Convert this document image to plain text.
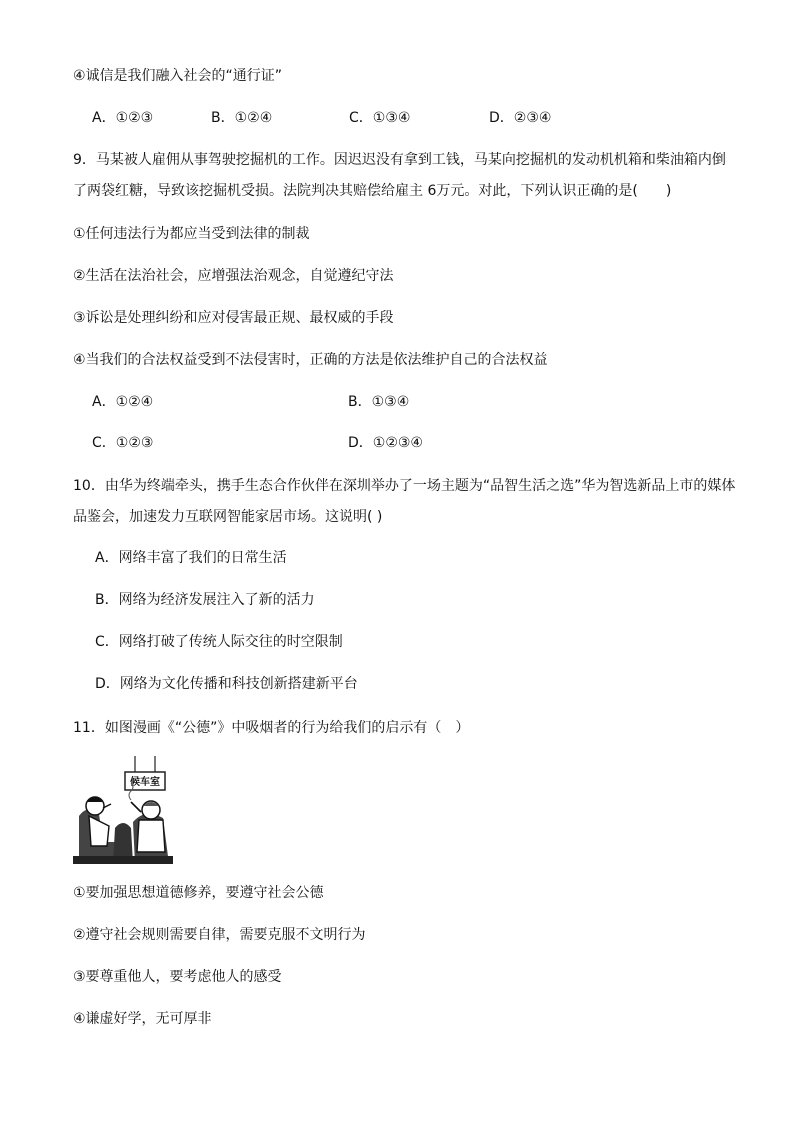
④诚信是我们融入社会的“通行证”
A．①②③	B．①②④	C．①③④	D．②③④
9．马某被人雇佣从事驾驶挖掘机的工作。因迟迟没有拿到工钱，马某向挖掘机的发动机机箱和柴油箱内倒
了两袋红糖，导致该挖掘机受损。法院判决其赔偿给雇主 6万元。对此，下列认识正确的是(　　)
①任何违法行为都应当受到法律的制裁
②生活在法治社会，应增强法治观念，自觉遵纪守法
③诉讼是处理纠纷和应对侵害最正规、最权威的手段
④当我们的合法权益受到不法侵害时，正确的方法是依法维护自己的合法权益
A．①②④	B．①③④
C．①②③	D．①②③④
10．由华为终端牵头，携手生态合作伙伴在深圳举办了一场主题为“品智生活之选”华为智选新品上市的媒体
品鉴会，加速发力互联网智能家居市场。这说明( )
A．网络丰富了我们的日常生活
B．网络为经济发展注入了新的活力
C．网络打破了传统人际交往的时空限制
D．网络为文化传播和科技创新搭建新平台
11．如图漫画《“公德”》中吸烟者的行为给我们的启示有（　）
候车室
①要加强思想道德修养，要遵守社会公德
②遵守社会规则需要自律，需要克服不文明行为
③要尊重他人，要考虑他人的感受
④谦虚好学，无可厚非
